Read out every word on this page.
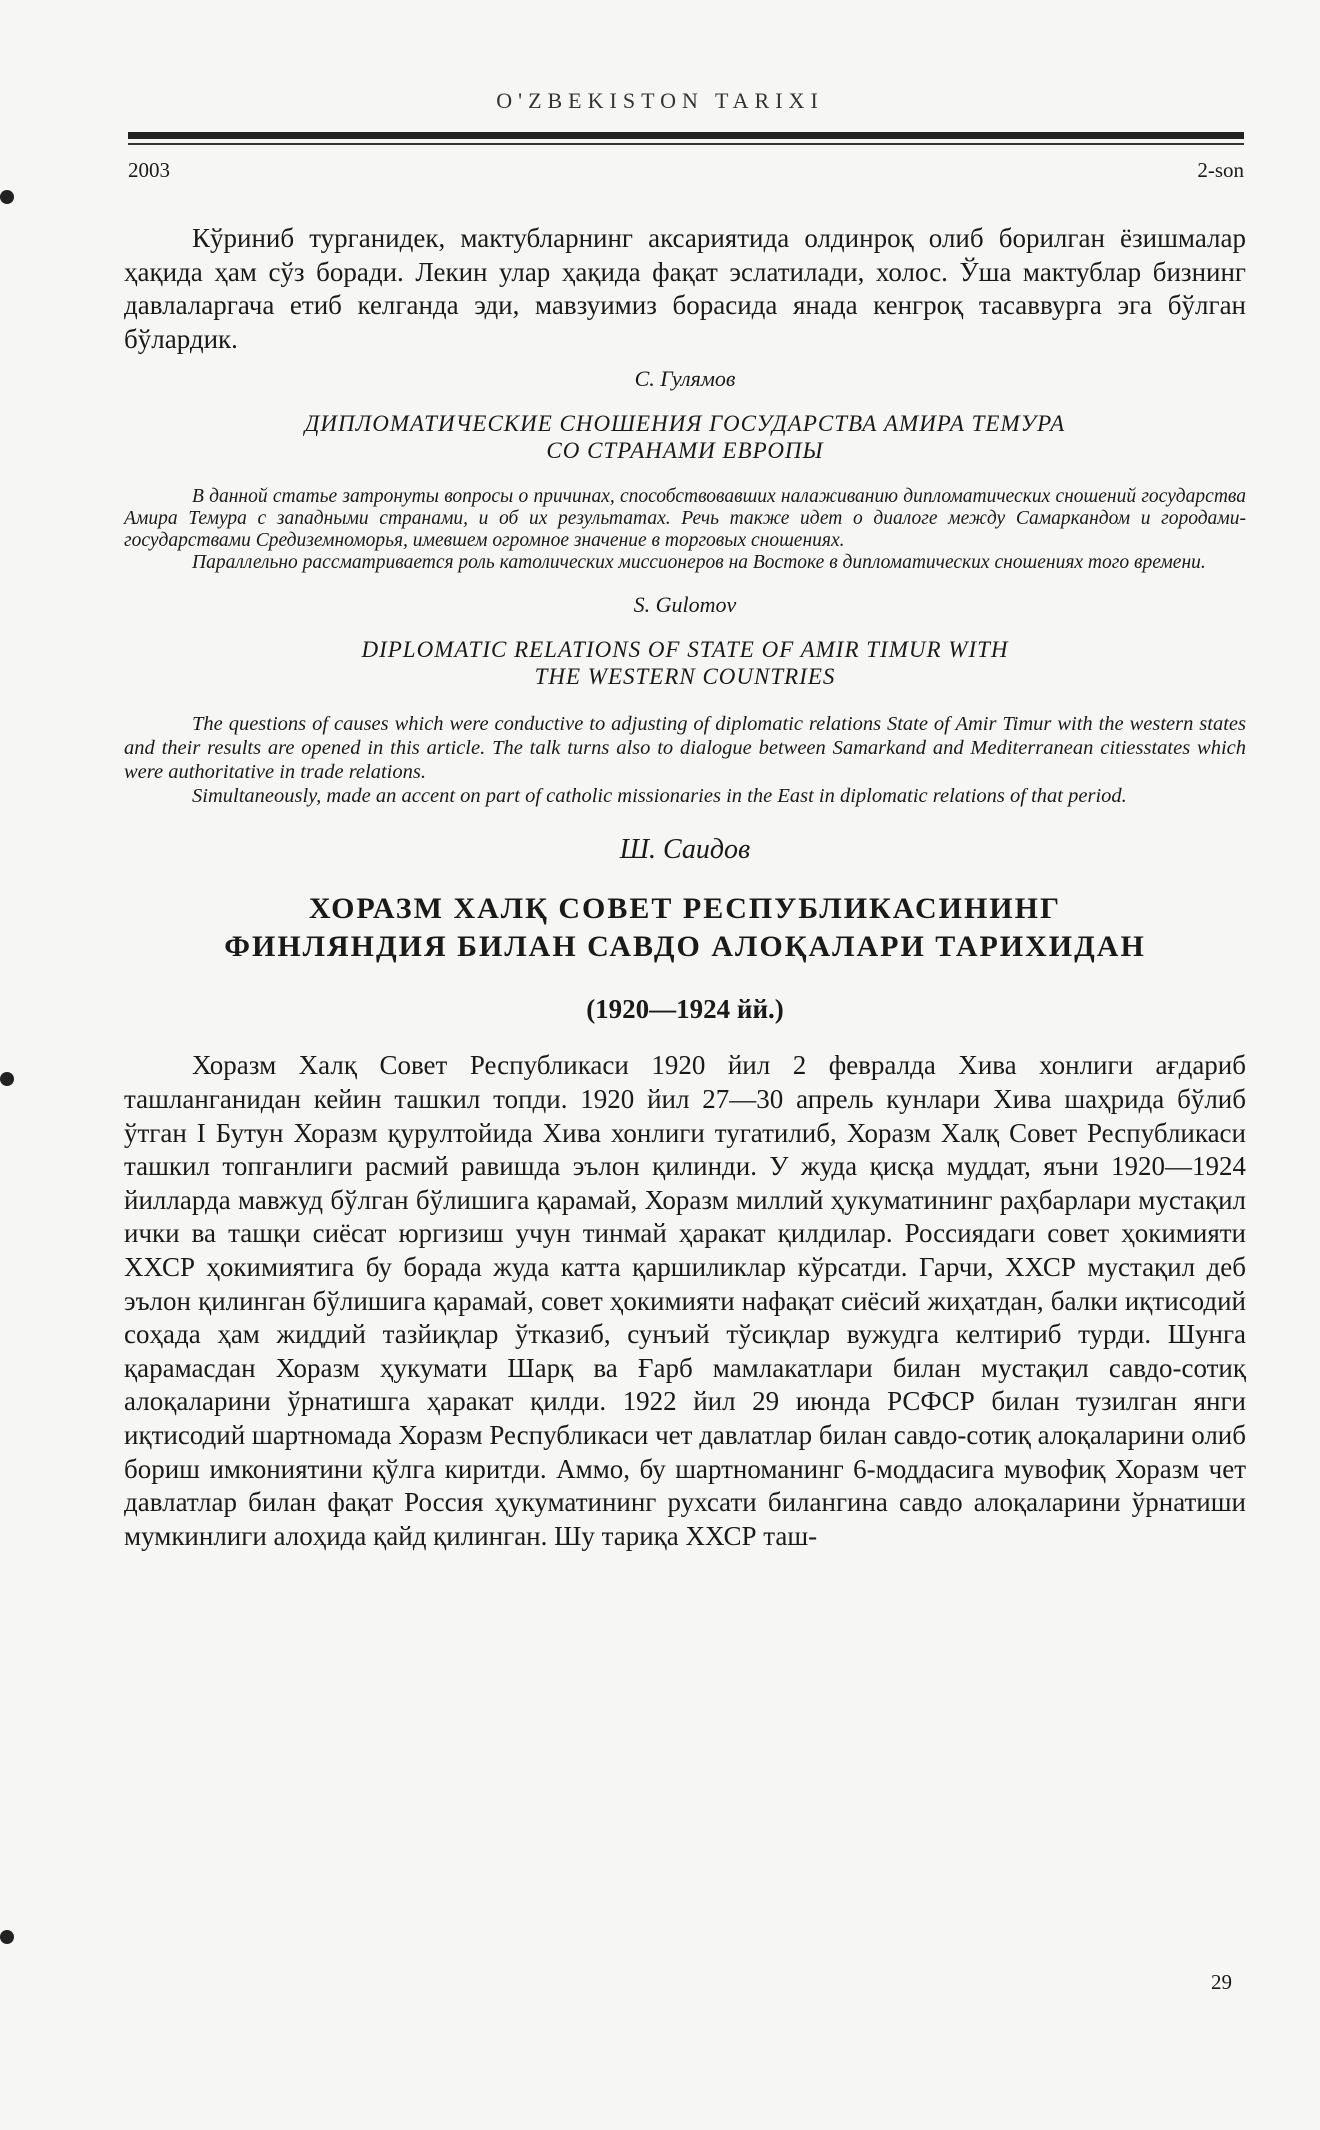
O'ZBEKISTON TARIXI
2003	2-son

Кўриниб турганидек, мактубларнинг аксариятида олдинроқ олиб борилган ёзишмалар ҳақида ҳам сўз боради. Лекин улар ҳақида фақат эслатилади, холос. Ўша мактублар бизнинг давлаларгача етиб келганда эди, мавзуимиз борасида янада кенгроқ тасаввурга эга бўлган бўлардик.

С. Гулямов
ДИПЛОМАТИЧЕСКИЕ СНОШЕНИЯ ГОСУДАРСТВА АМИРА ТЕМУРА
СО СТРАНАМИ ЕВРОПЫ

В данной статье затронуты вопросы о причинах, способствовавших налаживанию дипломатических сношений государства Амира Темура с западными странами, и об их результатах. Речь также идет о диалоге между Самаркандом и городами-государствами Средиземноморья, имевшем огромное значение в торговых сношениях.

Параллельно рассматривается роль католических миссионеров на Востоке в дипломатических сношениях того времени.

S. Gulomov
DIPLOMATIC RELATIONS OF STATE OF AMIR TIMUR WITH
THE WESTERN COUNTRIES

The questions of causes which were conductive to adjusting of diplomatic relations State of Amir Timur with the western states and their results are opened in this article. The talk turns also to dialogue between Samarkand and Mediterranean citiesstates which were authoritative in trade relations.

Simultaneously, made an accent on part of catholic missionaries in the East in diplomatic relations of that period.

Ш. Саидов
ХОРАЗМ ХАЛҚ СОВЕТ РЕСПУБЛИКАСИНИНГ
ФИНЛЯНДИЯ БИЛАН САВДО АЛОҚАЛАРИ ТАРИХИДАН
(1920—1924 йй.)

Хоразм Халқ Совет Республикаси 1920 йил 2 февралда Хива хонлиги ағдариб ташланганидан кейин ташкил топди. 1920 йил 27—30 апрель кунлари Хива шаҳрида бўлиб ўтган I Бутун Хоразм қурултойида Хива хонлиги тугатилиб, Хоразм Халқ Совет Республикаси ташкил топганлиги расмий равишда эълон қилинди. У жуда қисқа муддат, яъни 1920—1924 йилларда мавжуд бўлган бўлишига қарамай, Хоразм миллий ҳукуматининг раҳбарлари мустақил ички ва ташқи сиёсат юргизиш учун тинмай ҳаракат қилдилар. Россиядаги совет ҳокимияти ХХСР ҳокимиятига бу борада жуда катта қаршиликлар кўрсатди. Гарчи, ХХСР мустақил деб эълон қилинган бўлишига қарамай, совет ҳокимияти нафақат сиёсий жиҳатдан, балки иқтисодий соҳада ҳам жиддий тазйиқлар ўтказиб, сунъий тўсиқлар вужудга келтириб турди. Шунга қарамасдан Хоразм ҳукумати Шарқ ва Ғарб мамлакатлари билан мустақил савдо-сотиқ алоқаларини ўрнатишга ҳаракат қилди. 1922 йил 29 июнда РСФСР билан тузилган янги иқтисодий шартномада Хоразм Республикаси чет давлатлар билан савдо-сотиқ алоқаларини олиб бориш имкониятини қўлга киритди. Аммо, бу шартноманинг 6-моддасига мувофиқ Хоразм чет давлатлар билан фақат Россия ҳукуматининг рухсати билангина савдо алоқаларини ўрнатиши мумкинлиги алоҳида қайд қилинган. Шу тариқа ХХСР таш-

29
